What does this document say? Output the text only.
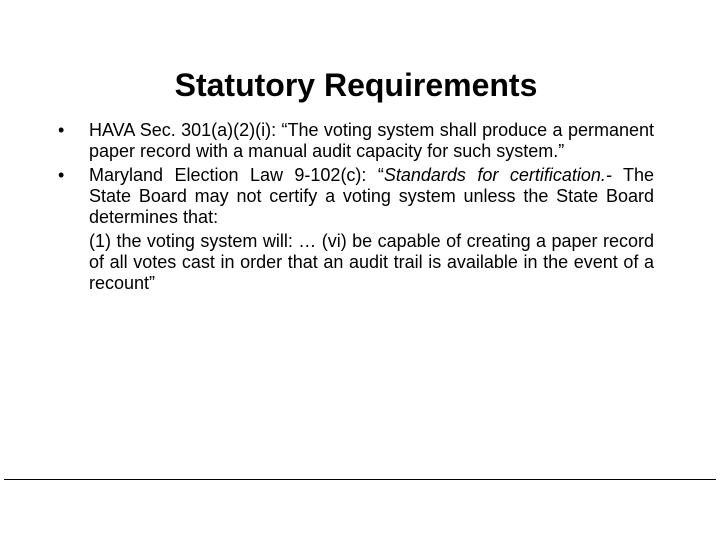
Statutory Requirements
• HAVA Sec. 301(a)(2)(i): “The voting system shall produce a permanent paper record with a manual audit capacity for such system.”
• Maryland Election Law 9-102(c): “Standards for certification.- The State Board may not certify a voting system unless the State Board determines that:
(1) the voting system will: … (vi) be capable of creating a paper record of all votes cast in order that an audit trail is available in the event of a recount”
